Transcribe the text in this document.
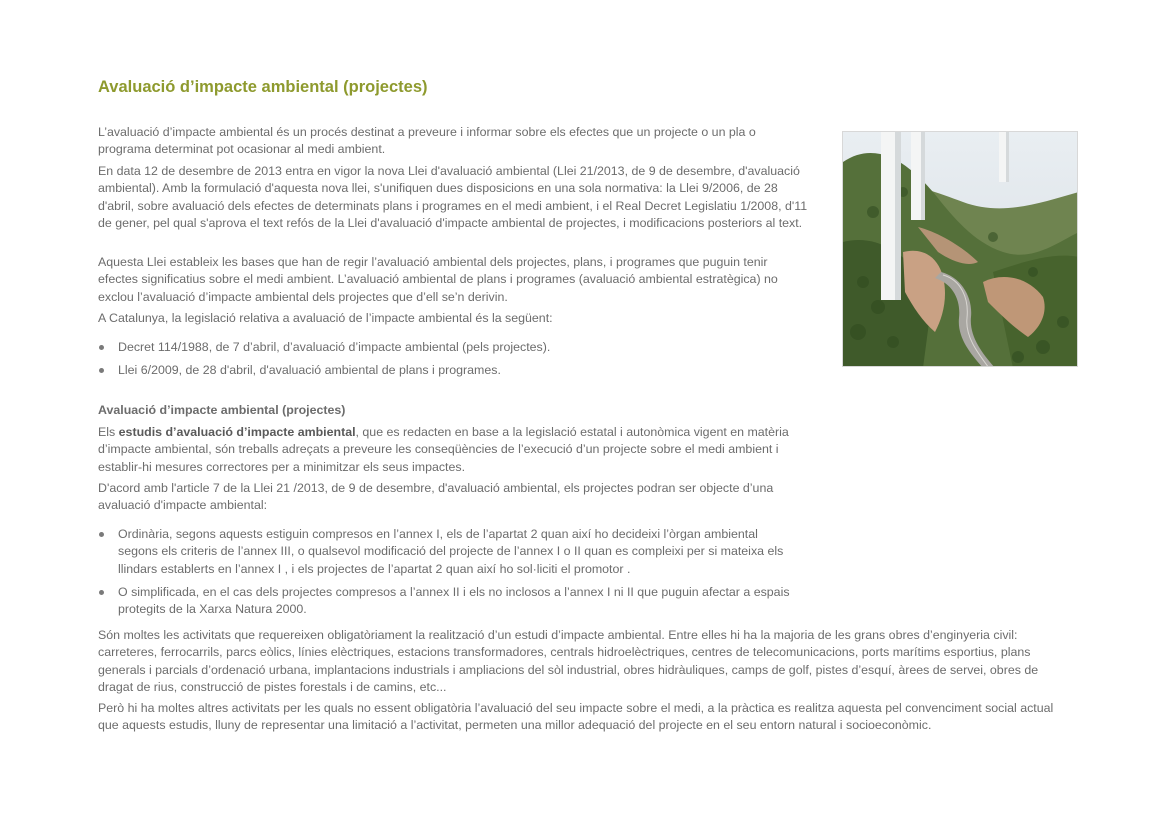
Avaluació d’impacte ambiental (projectes)

L’avaluació d’impacte ambiental és un procés destinat a preveure i informar sobre els efectes que un projecte o un pla o programa determinat pot ocasionar al medi ambient.

En data 12 de desembre de 2013 entra en vigor la nova Llei d'avaluació ambiental (Llei 21/2013, de 9 de desembre, d'avaluació ambiental). Amb la formulació d'aquesta nova llei, s'unifiquen dues disposicions en una sola normativa: la Llei 9/2006, de 28 d'abril, sobre avaluació dels efectes de determinats plans i programes en el medi ambient, i el Real Decret Legislatiu 1/2008, d'11 de gener, pel qual s'aprova el text refós de la Llei d'avaluació d'impacte ambiental de projectes, i modificacions posteriors al text.

Aquesta Llei estableix les bases que han de regir l’avaluació ambiental dels projectes, plans, i programes que puguin tenir efectes significatius sobre el medi ambient. L’avaluació ambiental de plans i programes (avaluació ambiental estratègica) no exclou l’avaluació d’impacte ambiental dels projectes que d’ell se’n derivin.

A Catalunya, la legislació relativa a avaluació de l’impacte ambiental és la següent:

Decret 114/1988, de 7 d’abril, d’avaluació d’impacte ambiental (pels projectes).
Llei 6/2009, de 28 d'abril, d'avaluació ambiental de plans i programes.
Avaluació d’impacte ambiental (projectes)

Els estudis d’avaluació d’impacte ambiental, que es redacten en base a la legislació estatal i autonòmica vigent en matèria d’impacte ambiental, són treballs adreçats a preveure les conseqüències de l’execució d’un projecte sobre el medi ambient i establir-hi mesures correctores per a minimitzar els seus impactes.

D'acord amb l'article 7 de la Llei 21 /2013, de 9 de desembre, d'avaluació ambiental, els projectes podran ser objecte d’una avaluació d'impacte ambiental:

Ordinària, segons aquests estiguin compresos en l’annex I, els de l’apartat 2 quan així ho decideixi l’òrgan ambiental segons els criteris de l’annex III, o qualsevol modificació del projecte de l’annex I o II quan es compleixi per si mateixa els llindars establerts en l’annex I , i els projectes de l’apartat 2 quan així ho sol·liciti el promotor .
O simplificada, en el cas dels projectes compresos a l’annex II i els no inclosos a l’annex I ni II que puguin afectar a espais protegits de la Xarxa Natura 2000.

Són moltes les activitats que requereixen obligatòriament la realització d’un estudi d’impacte ambiental. Entre elles hi ha la majoria de les grans obres d’enginyeria civil: carreteres, ferrocarrils, parcs eòlics, línies elèctriques, estacions transformadores, centrals hidroelèctriques, centres de telecomunicacions, ports marítims esportius, plans generals i parcials d’ordenació urbana, implantacions industrials i ampliacions del sòl industrial, obres hidràuliques, camps de golf, pistes d’esquí, àrees de servei, obres de dragat de rius, construcció de pistes forestals i de camins, etc...

Però hi ha moltes altres activitats per les quals no essent obligatòria l’avaluació del seu impacte sobre el medi, a la pràctica es realitza aquesta pel convenciment social actual que aquests estudis, lluny de representar una limitació a l’activitat, permeten una millor adequació del projecte en el seu entorn natural i socioeconòmic.
